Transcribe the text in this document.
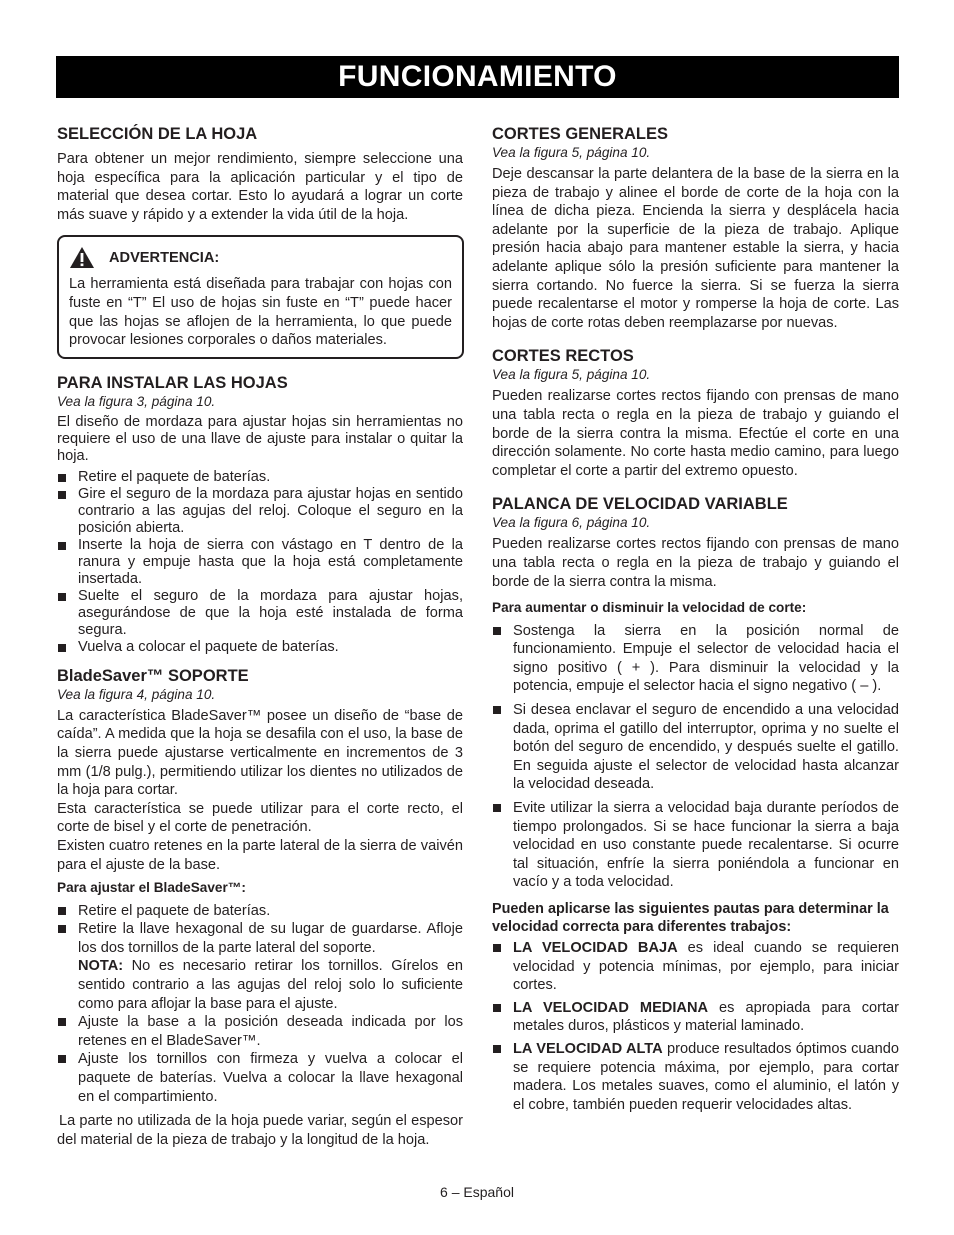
FUNCIONAMIENTO
SELECCIÓN DE LA HOJA

Para obtener un mejor rendimiento, siempre seleccione una hoja específica para la aplicación particular y el tipo de material que desea cortar. Esto lo ayudará a lograr un corte más suave y rápido y a extender la vida útil de la hoja.

ADVERTENCIA:

La herramienta está diseñada para trabajar con hojas con fuste en “T” El uso de hojas sin fuste en “T” puede hacer que las hojas se aflojen de la herramienta, lo que puede provocar lesiones corporales o daños materiales.

PARA INSTALAR LAS HOJAS
Vea la figura 3, página 10.

El diseño de mordaza para ajustar hojas sin herramientas no requiere el uso de una llave de ajuste para instalar o quitar la hoja.

Retire el paquete de baterías.
Gire el seguro de la mordaza para ajustar hojas en sentido contrario a las agujas del reloj. Coloque el seguro en la posición abierta.
Inserte la hoja de sierra con vástago en T dentro de la ranura y empuje hasta que la hoja está completamente insertada.
Suelte el seguro de la mordaza para ajustar hojas, asegurándose de que la hoja esté instalada de forma segura.
Vuelva a colocar el paquete de baterías.
BladeSaver™ SOPORTE
Vea la figura 4, página 10.

La característica BladeSaver™ posee un diseño de “base de caída”. A medida que la hoja se desafila con el uso, la base de la sierra puede ajustarse verticalmente en incrementos de 3 mm (1/8 pulg.), permitiendo utilizar los dientes no utilizados de la hoja para cortar.

Esta característica se puede utilizar para el corte recto, el corte de bisel y el corte de penetración.

Existen cuatro retenes en la parte lateral de la sierra de vaivén para el ajuste de la base.

Para ajustar el BladeSaver™:
Retire el paquete de baterías.
Retire la llave hexagonal de su lugar de guardarse. Afloje los dos tornillos de la parte lateral del soporte.
NOTA: No es necesario retirar los tornillos. Gírelos en sentido contrario a las agujas del reloj solo lo suficiente como para aflojar la base para el ajuste.
Ajuste la base a la posición deseada indicada por los retenes en el BladeSaver™.
Ajuste los tornillos con firmeza y vuelva a colocar el paquete de baterías. Vuelva a colocar la llave hexagonal en el compartimiento.

La parte no utilizada de la hoja puede variar, según el espesor del material de la pieza de trabajo y la longitud de la hoja.

CORTES GENERALES
Vea la figura 5, página 10.

Deje descansar la parte delantera de la base de la sierra en la pieza de trabajo y alinee el borde de corte de la hoja con la línea de dicha pieza. Encienda la sierra y desplácela hacia adelante por la superficie de la pieza de trabajo. Aplique presión hacia abajo para mantener estable la sierra, y hacia adelante aplique sólo la presión suficiente para mantener la sierra cortando. No fuerce la sierra. Si se fuerza la sierra puede recalentarse el motor y romperse la hoja de corte. Las hojas de corte rotas deben reemplazarse por nuevas.

CORTES RECTOS
Vea la figura 5, página 10.

Pueden realizarse cortes rectos fijando con prensas de mano una tabla recta o regla en la pieza de trabajo y guiando el borde de la sierra contra la misma. Efectúe el corte en una dirección solamente. No corte hasta medio camino, para luego completar el corte a partir del extremo opuesto.

PALANCA DE VELOCIDAD VARIABLE
Vea la figura 6, página 10.

Pueden realizarse cortes rectos fijando con prensas de mano una tabla recta o regla en la pieza de trabajo y guiando el borde de la sierra contra la misma.

Para aumentar o disminuir la velocidad de corte:
Sostenga la sierra en la posición normal de funcionamiento. Empuje el selector de velocidad hacia el signo positivo ( + ). Para disminuir la velocidad y la potencia, empuje el selector hacia el signo negativo ( – ).
Si desea enclavar el seguro de encendido a una velocidad dada, oprima el gatillo del interruptor, oprima y no suelte el botón del seguro de encendido, y después suelte el gatillo. En seguida ajuste el selector de velocidad hasta alcanzar la velocidad deseada.
Evite utilizar la sierra a velocidad baja durante períodos de tiempo prolongados. Si se hace funcionar la sierra a baja velocidad en uso constante puede recalentarse. Si ocurre tal situación, enfríe la sierra poniéndola a funcionar en vacío y a toda velocidad.
Pueden aplicarse las siguientes pautas para determinar la velocidad correcta para diferentes trabajos:
LA VELOCIDAD BAJA es ideal cuando se requieren velocidad y potencia mínimas, por ejemplo, para iniciar cortes.
LA VELOCIDAD MEDIANA es apropiada para cortar metales duros, plásticos y material laminado.
LA VELOCIDAD ALTA produce resultados óptimos cuando se requiere potencia máxima, por ejemplo, para cortar madera. Los metales suaves, como el aluminio, el latón y el cobre, también pueden requerir velocidades altas.
6 – Español
